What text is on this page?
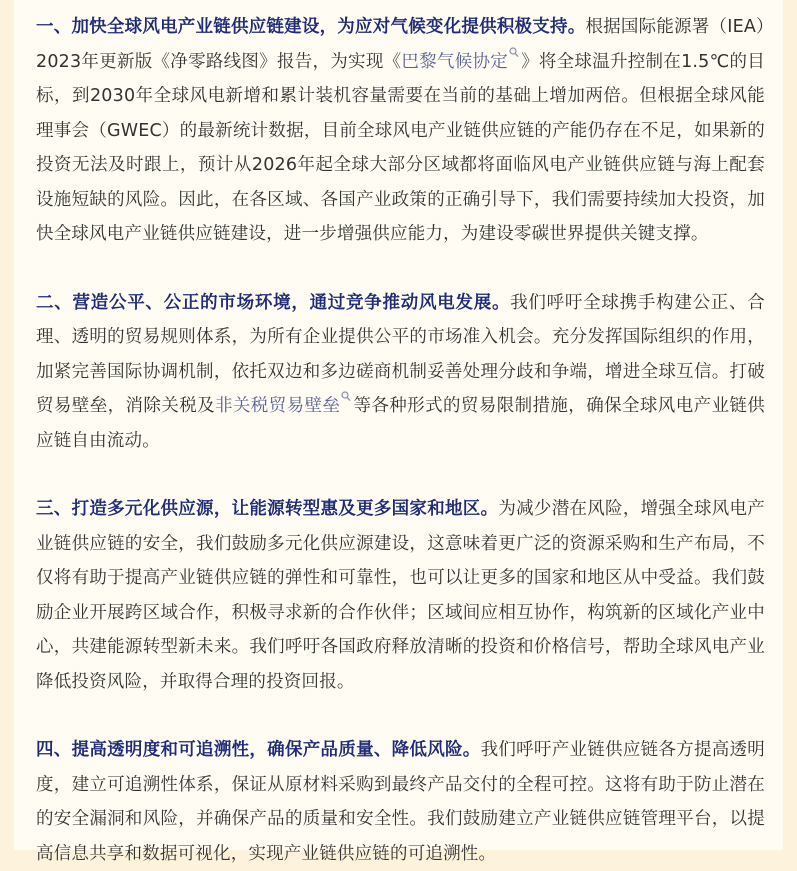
一、加快全球风电产业链供应链建设，为应对气候变化提供积极支持。根据国际能源署（IEA）2023年更新版《净零路线图》报告，为实现《巴黎气候协定 》将全球温升控制在1.5℃的目标，到2030年全球风电新增和累计装机容量需要在当前的基础上增加两倍。但根据全球风能理事会（GWEC）的最新统计数据，目前全球风电产业链供应链的产能仍存在不足，如果新的投资无法及时跟上，预计从2026年起全球大部分区域都将面临风电产业链供应链与海上配套设施短缺的风险。因此，在各区域、各国产业政策的正确引导下，我们需要持续加大投资，加快全球风电产业链供应链建设，进一步增强供应能力，为建设零碳世界提供关键支撑。

二、营造公平、公正的市场环境，通过竞争推动风电发展。我们呼吁全球携手构建公正、合理、透明的贸易规则体系，为所有企业提供公平的市场准入机会。充分发挥国际组织的作用，加紧完善国际协调机制，依托双边和多边磋商机制妥善处理分歧和争端，增进全球互信。打破贸易壁垒，消除关税及非关税贸易壁垒 等各种形式的贸易限制措施，确保全球风电产业链供应链自由流动。

三、打造多元化供应源，让能源转型惠及更多国家和地区。为减少潜在风险，增强全球风电产业链供应链的安全，我们鼓励多元化供应源建设，这意味着更广泛的资源采购和生产布局，不仅将有助于提高产业链供应链的弹性和可靠性，也可以让更多的国家和地区从中受益。我们鼓励企业开展跨区域合作，积极寻求新的合作伙伴；区域间应相互协作，构筑新的区域化产业中心，共建能源转型新未来。我们呼吁各国政府释放清晰的投资和价格信号，帮助全球风电产业降低投资风险，并取得合理的投资回报。

四、提高透明度和可追溯性，确保产品质量、降低风险。我们呼吁产业链供应链各方提高透明度，建立可追溯性体系，保证从原材料采购到最终产品交付的全程可控。这将有助于防止潜在的安全漏洞和风险，并确保产品的质量和安全性。我们鼓励建立产业链供应链管理平台，以提高信息共享和数据可视化，实现产业链供应链的可追溯性。
